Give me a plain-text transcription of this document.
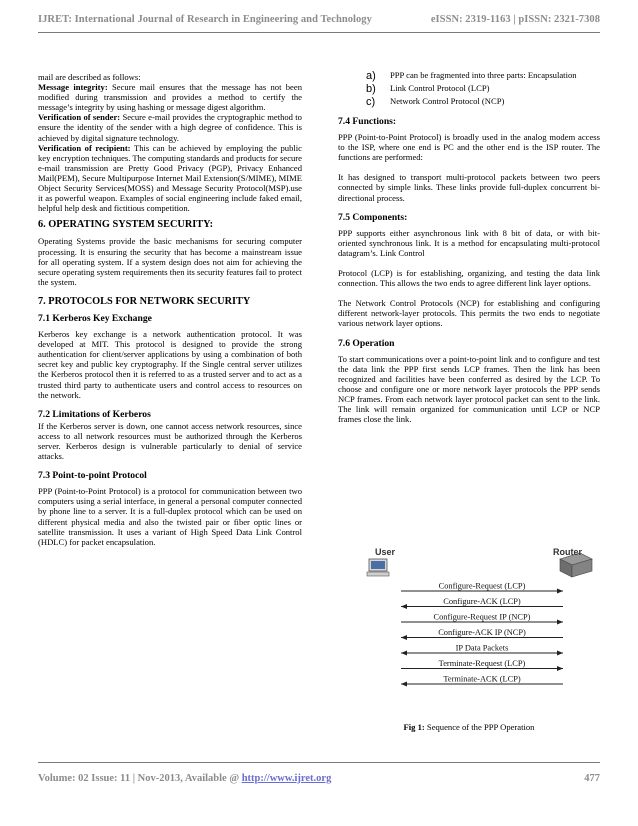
IJRET: International Journal of Research in Engineering and Technology	eISSN: 2319-1163 | pISSN: 2321-7308

mail are described as follows:

Message integrity: Secure mail ensures that the message has not been modified during transmission and provides a method to certify the message’s integrity by using hashing or message digest algorithm.

Verification of sender: Secure e-mail provides the cryptographic method to ensure the identity of the sender with a high degree of confidence. This is achieved by digital signature technology.

Verification of recipient: This can be achieved by employing the public key encryption techniques. The computing standards and products for secure e-mail transmission are Pretty Good Privacy (PGP), Privacy Enhanced Mail(PEM), Secure Multipurpose Internet Mail Extension(S/MIME), MIME Object Security Services(MOSS) and Message Security Protocol(MSP).use it as powerful weapon. Examples of social engineering include faked email, helpful help desk and fictitious competition.

6. OPERATING SYSTEM SECURITY:

Operating Systems provide the basic mechanisms for securing computer processing. It is ensuring the security that has become a mainstream issue for all operating system. If a system design does not aim for achieving the secure operating system requirements then its security features fail to protect the system.

7. PROTOCOLS FOR NETWORK SECURITY
7.1 Kerberos Key Exchange

Kerberos key exchange is a network authentication protocol. It was developed at MIT. This protocol is designed to provide the strong authentication for client/server applications by using a combination of both secret key and public key cryptography. If the Single central server utilizes the Kerberos protocol then it is referred to as a trusted server and to act as a trusted third party to authenticate users and control access to resources on the network.

7.2 Limitations of Kerberos

If the Kerberos server is down, one cannot access network resources, since access to all network resources must be authorized through the Kerberos server. Kerberos design is vulnerable particularly to denial of service attacks.

7.3 Point-to-point Protocol

PPP (Point-to-Point Protocol) is a protocol for communication between two computers using a serial interface, in general a personal computer connected by phone line to a server. It is a full-duplex protocol which can be used on different physical media and also the twisted pair or fiber optic lines or satellite transmission. It uses a variant of High Speed Data Link Control (HDLC) for packet encapsulation.

a)	PPP can be fragmented into three parts: Encapsulation
b)	Link Control Protocol (LCP)
c)	Network Control Protocol (NCP)
7.4 Functions:

PPP (Point-to-Point Protocol) is broadly used in the analog modem access to the ISP, where one end is PC and the other end is the ISP router. The functions are performed:

It has designed to transport multi-protocol packets between two peers connected by simple links. These links provide full-duplex concurrent bi-directional process.

7.5 Components:

PPP supports either asynchronous link with 8 bit of data, or with bit-oriented synchronous link. It is a method for encapsulating multi-protocol datagram’s. Link Control

Protocol (LCP) is for establishing, organizing, and testing the data link connection. This allows the two ends to agree different link layer options.

The Network Control Protocols (NCP) for establishing and configuring different network-layer protocols. This permits the two ends to negotiate various network layer options.

7.6 Operation

To start communications over a point-to-point link and to configure and test the data link the PPP first sends LCP frames. Then the link has been recognized and facilities have been conferred as desired by the LCP. To choose and configure one or more network layer protocols the PPP sends NCP frames. From each network layer protocol packet can sent to the link. The link will remain organized for communication until LCP or NCP frames close the link.

User	Router
Configure-Request (LCP)
Configure-ACK (LCP)
Configure-Request IP (NCP)
Configure-ACK IP (NCP)
IP Data Packets
Terminate-Request (LCP)
Terminate-ACK (LCP)
Fig 1: Sequence of the PPP Operation
Volume: 02 Issue: 11 | Nov-2013, Available @ http://www.ijret.org	477
